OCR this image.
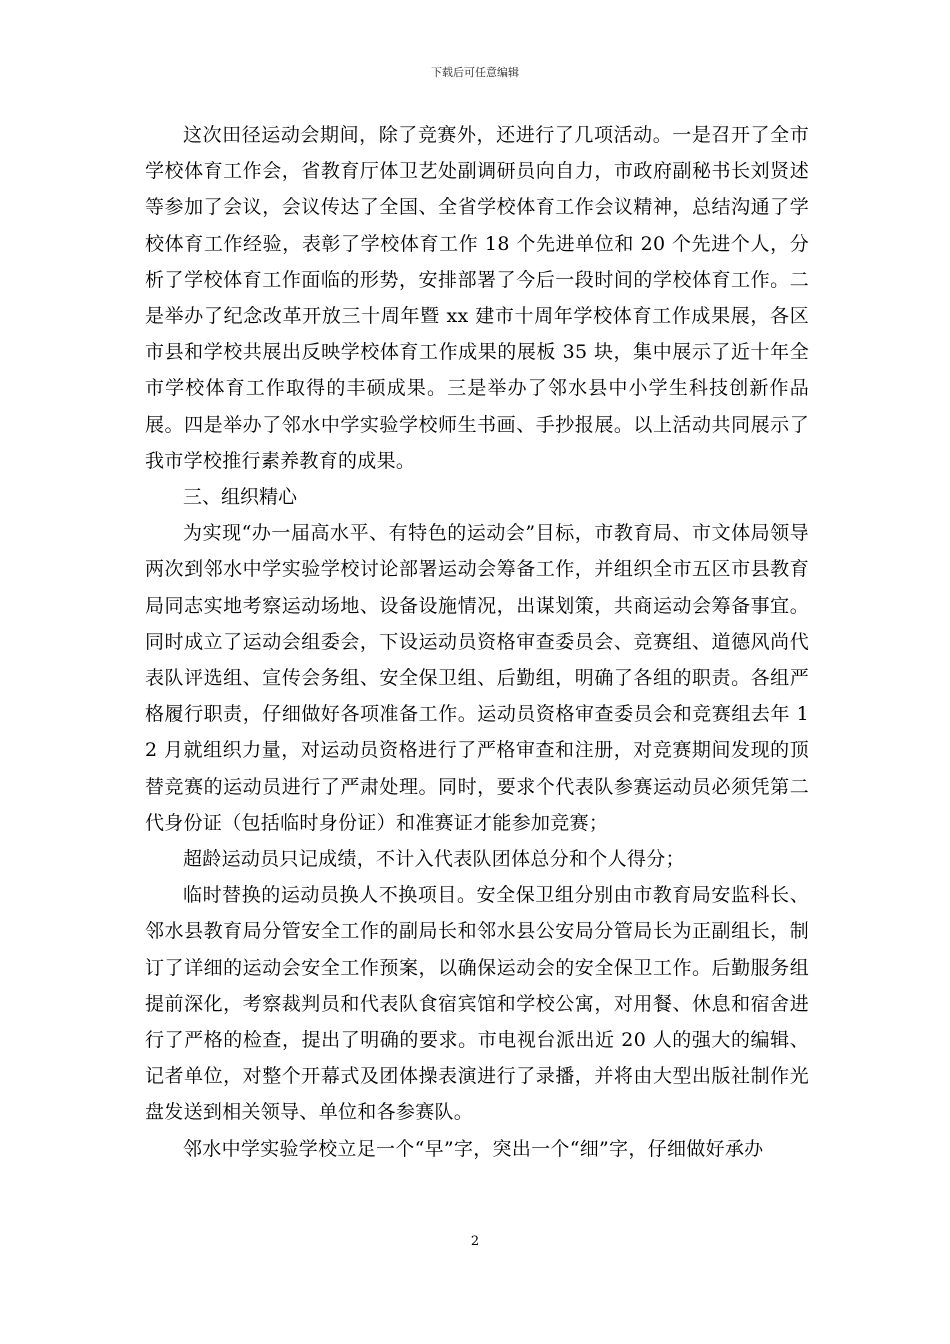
下载后可任意编辑

这次田径运动会期间，除了竞赛外，还进行了几项活动。一是召开了全市学校体育工作会，省教育厅体卫艺处副调研员向自力，市政府副秘书长刘贤述等参加了会议，会议传达了全国、全省学校体育工作会议精神，总结沟通了学校体育工作经验，表彰了学校体育工作 18 个先进单位和 20 个先进个人，分析了学校体育工作面临的形势，安排部署了今后一段时间的学校体育工作。二是举办了纪念改革开放三十周年暨 xx 建市十周年学校体育工作成果展，各区市县和学校共展出反映学校体育工作成果的展板 35 块，集中展示了近十年全市学校体育工作取得的丰硕成果。三是举办了邻水县中小学生科技创新作品展。四是举办了邻水中学实验学校师生书画、手抄报展。以上活动共同展示了我市学校推行素养教育的成果。

三、组织精心

为实现“办一届高水平、有特色的运动会”目标，市教育局、市文体局领导两次到邻水中学实验学校讨论部署运动会筹备工作，并组织全市五区市县教育局同志实地考察运动场地、设备设施情况，出谋划策，共商运动会筹备事宜。同时成立了运动会组委会，下设运动员资格审查委员会、竞赛组、道德风尚代表队评选组、宣传会务组、安全保卫组、后勤组，明确了各组的职责。各组严格履行职责，仔细做好各项准备工作。运动员资格审查委员会和竞赛组去年 12 月就组织力量，对运动员资格进行了严格审查和注册，对竞赛期间发现的顶替竞赛的运动员进行了严肃处理。同时，要求个代表队参赛运动员必须凭第二代身份证（包括临时身份证）和准赛证才能参加竞赛；

超龄运动员只记成绩，不计入代表队团体总分和个人得分；

临时替换的运动员换人不换项目。安全保卫组分别由市教育局安监科长、邻水县教育局分管安全工作的副局长和邻水县公安局分管局长为正副组长，制订了详细的运动会安全工作预案，以确保运动会的安全保卫工作。后勤服务组提前深化，考察裁判员和代表队食宿宾馆和学校公寓，对用餐、休息和宿舍进行了严格的检查，提出了明确的要求。市电视台派出近 20 人的强大的编辑、记者单位，对整个开幕式及团体操表演进行了录播，并将由大型出版社制作光盘发送到相关领导、单位和各参赛队。

邻水中学实验学校立足一个“早”字，突出一个“细”字，仔细做好承办

2
